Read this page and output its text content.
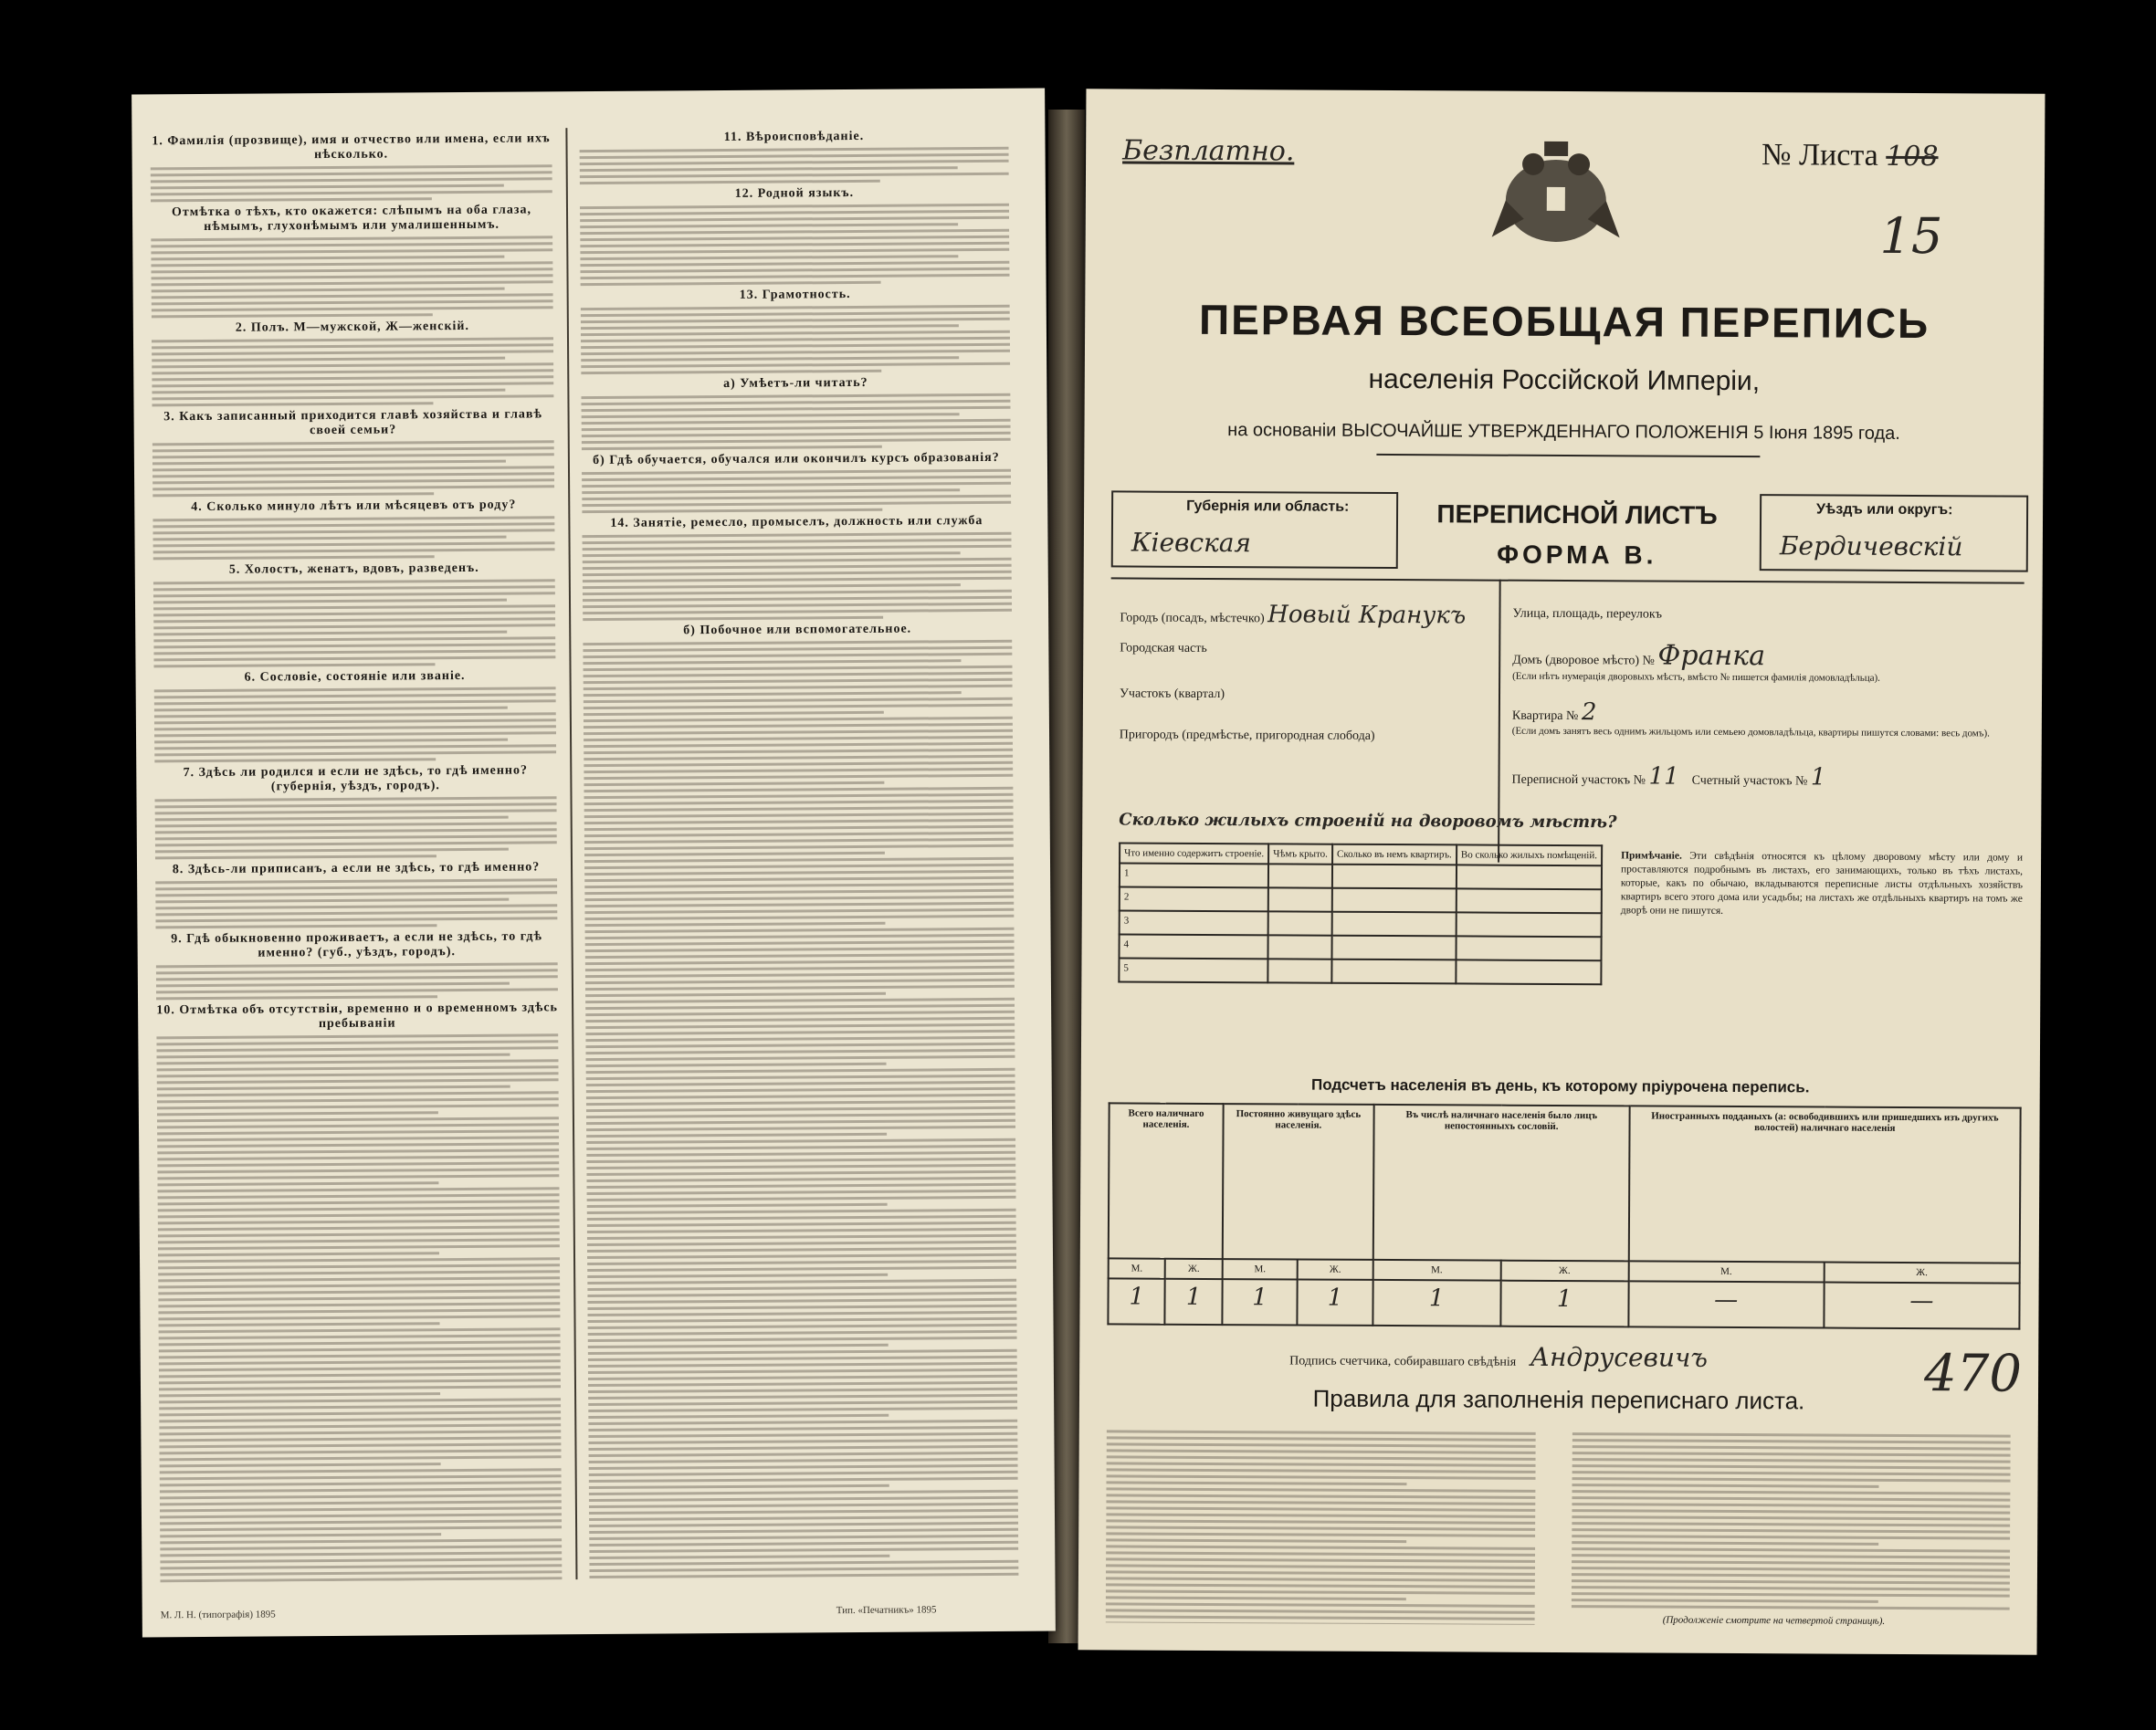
1. Фамилія (прозвище), имя и отчество или имена, если ихъ нѣсколько.
Отмѣтка о тѣхъ, кто окажется: слѣпымъ на оба глаза, нѣмымъ, глухонѣмымъ или умалишеннымъ.
2. Полъ. М—мужской, Ж—женскій.
3. Какъ записанный приходится главѣ хозяйства и главѣ своей семьи?
4. Сколько минуло лѣтъ или мѣсяцевъ отъ роду?
5. Холостъ, женатъ, вдовъ, разведенъ.
6. Сословіе, состояніе или званіе.
7. Здѣсь ли родился и если не здѣсь, то гдѣ именно? (губернія, уѣздъ, городъ).
8. Здѣсь-ли приписанъ, а если не здѣсь, то гдѣ именно?
9. Гдѣ обыкновенно проживаетъ, а если не здѣсь, то гдѣ именно? (губ., уѣздъ, городъ).
10. Отмѣтка объ отсутствіи, временно и о временномъ здѣсь пребываніи
11. Вѣроисповѣданіе.
12. Родной языкъ.
13. Грамотность.
а) Умѣетъ-ли читать?
б) Гдѣ обучается, обучался или окончилъ курсъ образованія?
14. Занятіе, ремесло, промыселъ, должность или служба
б) Побочное или вспомогательное.
М. Л. Н. (типографія) 1895	Тип. «Печатникъ» 1895
Безплатно.	№ Листа 108
15
ПЕРВАЯ ВСЕОБЩАЯ ПЕРЕПИСЬ
населенія Россійской Имперіи,
на основаніи ВЫСОЧАЙШЕ УТВЕРЖДЕННАГО ПОЛОЖЕНІЯ 5 Іюня 1895 года.
Губернія или область:
Кіевская
ПЕРЕПИСНОЙ ЛИСТЪ
ФОРМА В.
Уѣздъ или округъ:
Бердичевскій
Городъ (посадъ, мѣстечко) Новый Кранукъ	Улица, площадь, переулокъ
Городская часть
Домъ (дворовое мѣсто) № Франка
(Если нѣтъ нумерація дворовыхъ мѣстъ, вмѣсто № пишется фамилія домовладѣльца).
Участокъ (квартал)
Квартира № 2
(Если домъ занятъ весь однимъ жильцомъ или семьею домовладѣльца, квартиры пишутся словами: весь домъ).
Пригородъ (предмѣстье, пригородная слобода)
Переписной участокъ № 11 Счетный участокъ № 1
Сколько жилыхъ строеній на дворовомъ мѣстѣ?
Что именно содержитъ строеніе.	Чѣмъ крыто.	Сколько въ немъ квартиръ.	Во сколько жилыхъ помѣщеній.
1			
2			
3			
4			
5			
Примѣчаніе. Эти свѣдѣнія относятся къ цѣлому дворовому мѣсту или дому и проставляются подробнымъ въ листахъ, его занимающихъ, только въ тѣхъ листахъ, которые, какъ по обычаю, вкладываются переписные листы отдѣльныхъ хозяйствъ квартиръ всего этого дома или усадьбы; на листахъ же отдѣльныхъ квартиръ на томъ же дворѣ они не пишутся.
Подсчетъ населенія въ день, къ которому пріурочена перепись.
Всего наличнаго населенія.		Постоянно живущаго здѣсь населенія.		Въ числѣ наличнаго населенія было лицъ непостоянныхъ сословій.		Иностранныхъ подданыхъ (а: освободившихъ или пришедшихъ изъ другихъ волостей) наличнаго населенія	
М.	Ж.	М.	Ж.	М.	Ж.	М.	Ж.
1	1	1	1	1	1	—	—
Подпись счетчика, собиравшаго свѣдѣнія Андрусевичъ	470
Правила для заполненія переписнаго листа.
(Продолженіе смотрите на четвертой страницѣ).
